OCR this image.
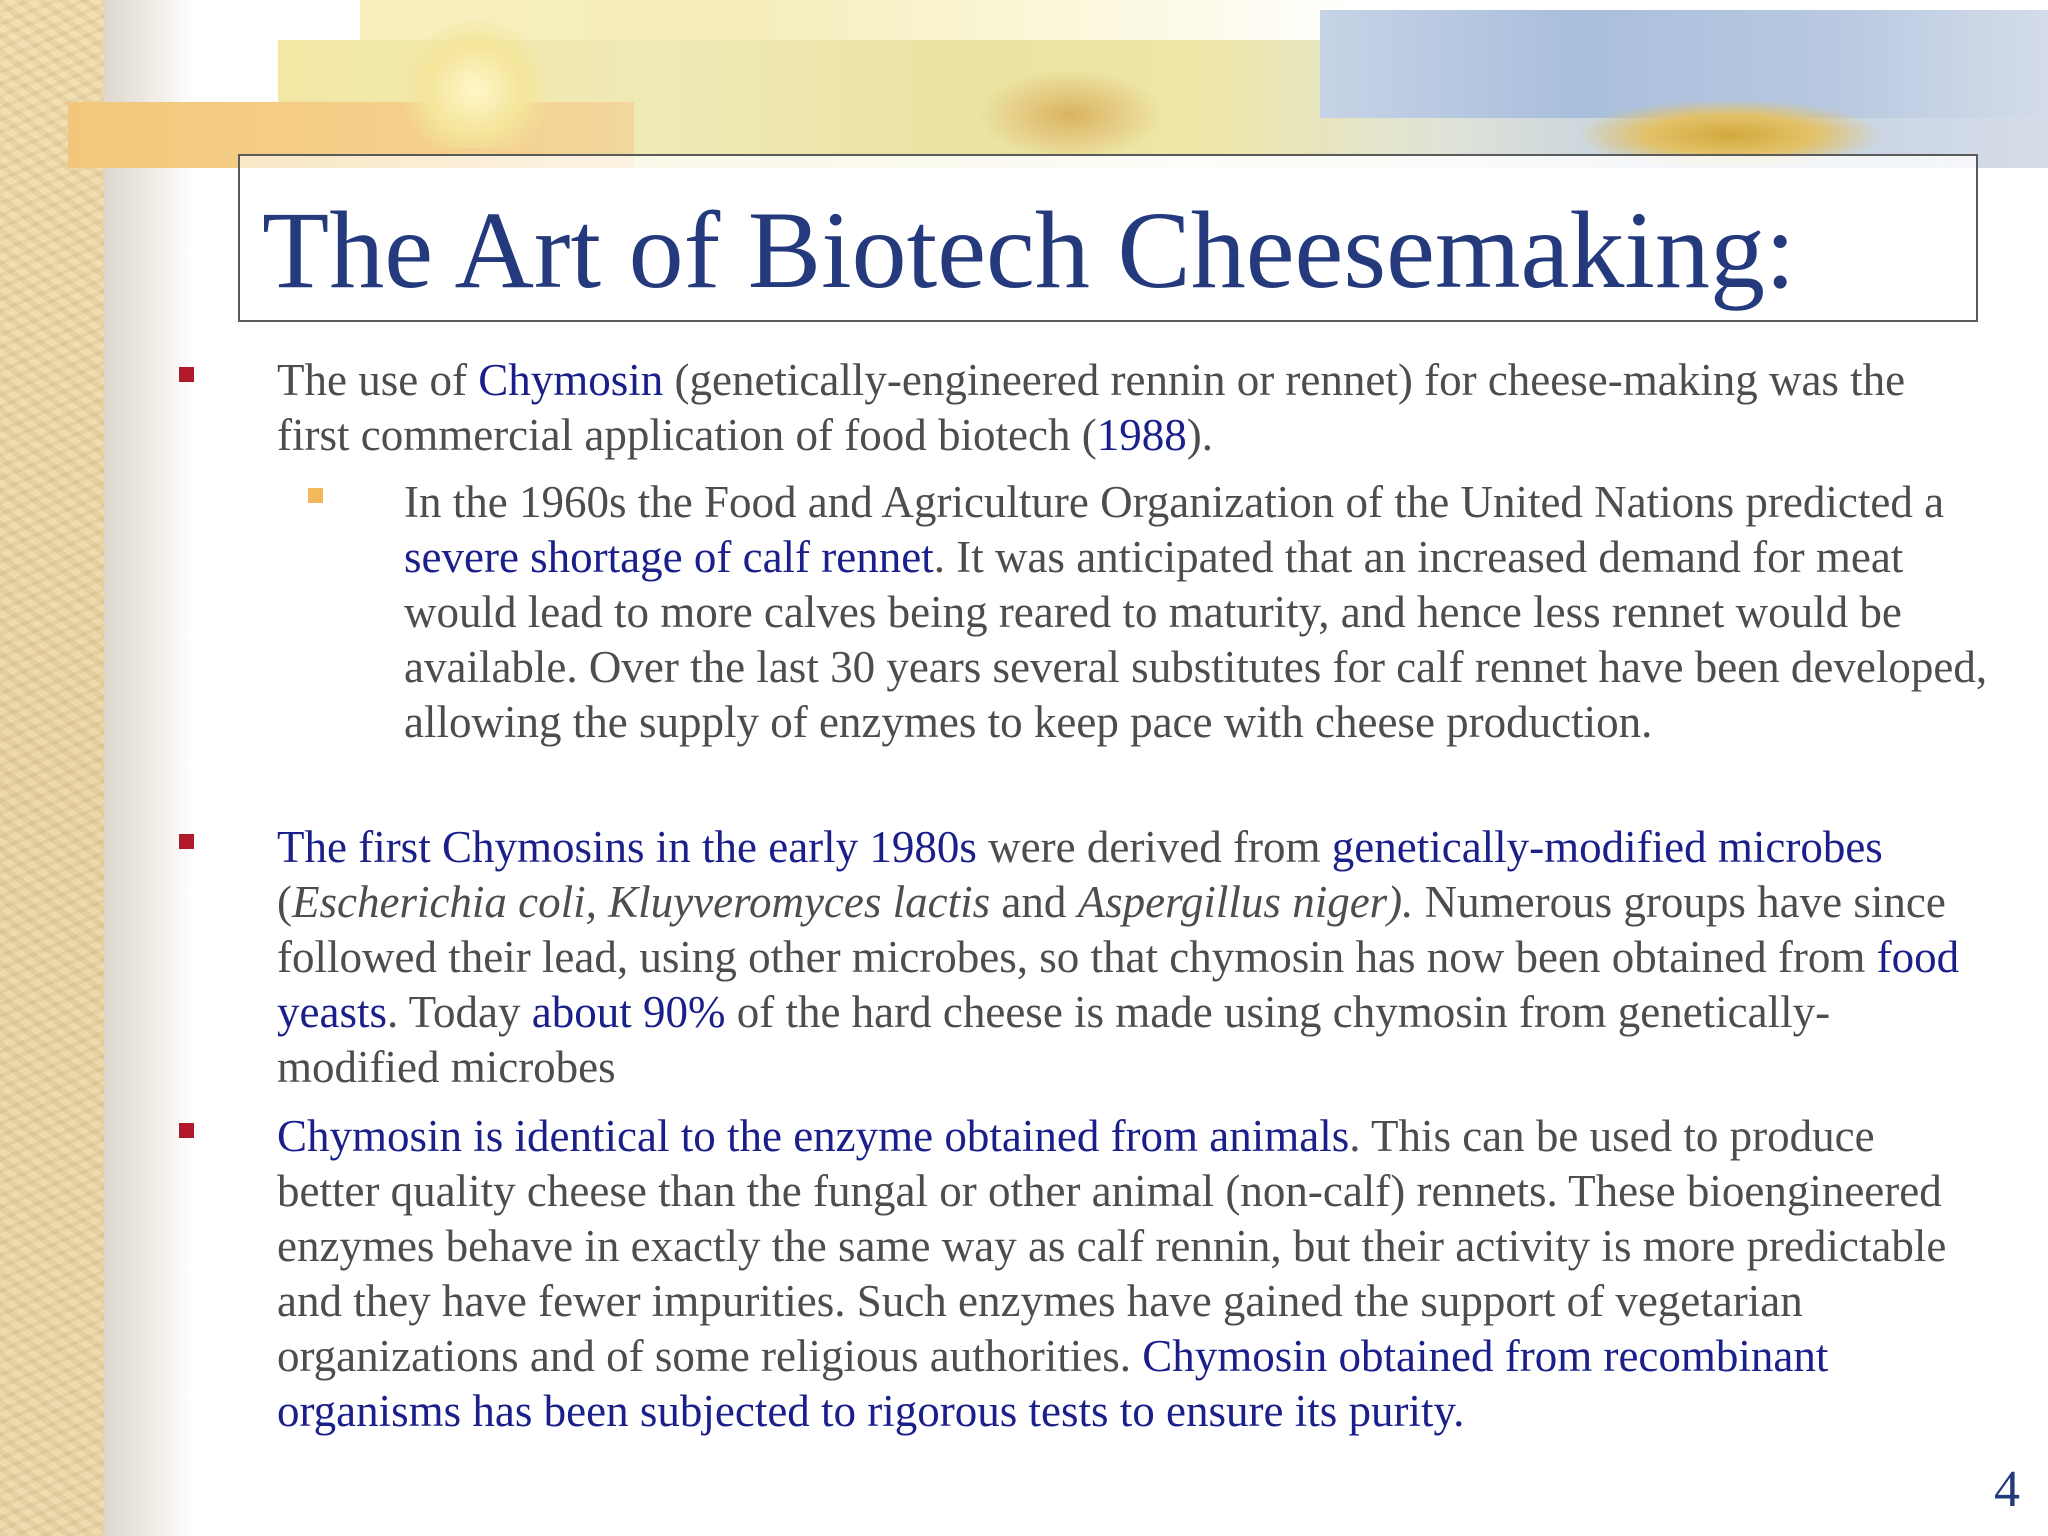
The Art of Biotech Cheesemaking:

The use of Chymosin (genetically-engineered rennin or rennet) for cheese-making was the first commercial application of food biotech (1988).

In the 1960s the Food and Agriculture Organization of the United Nations predicted a severe shortage of calf rennet. It was anticipated that an increased demand for meat would lead to more calves being reared to maturity, and hence less rennet would be available. Over the last 30 years several substitutes for calf rennet have been developed, allowing the supply of enzymes to keep pace with cheese production.

The first Chymosins in the early 1980s were derived from genetically-modified microbes (Escherichia coli, Kluyveromyces lactis and Aspergillus niger). Numerous groups have since followed their lead, using other microbes, so that chymosin has now been obtained from food yeasts. Today about 90% of the hard cheese is made using chymosin from genetically-modified microbes

Chymosin is identical to the enzyme obtained from animals. This can be used to produce better quality cheese than the fungal or other animal (non-calf) rennets. These bioengineered enzymes behave in exactly the same way as calf rennin, but their activity is more predictable and they have fewer impurities. Such enzymes have gained the support of vegetarian organizations and of some religious authorities. Chymosin obtained from recombinant organisms has been subjected to rigorous tests to ensure its purity.

4
